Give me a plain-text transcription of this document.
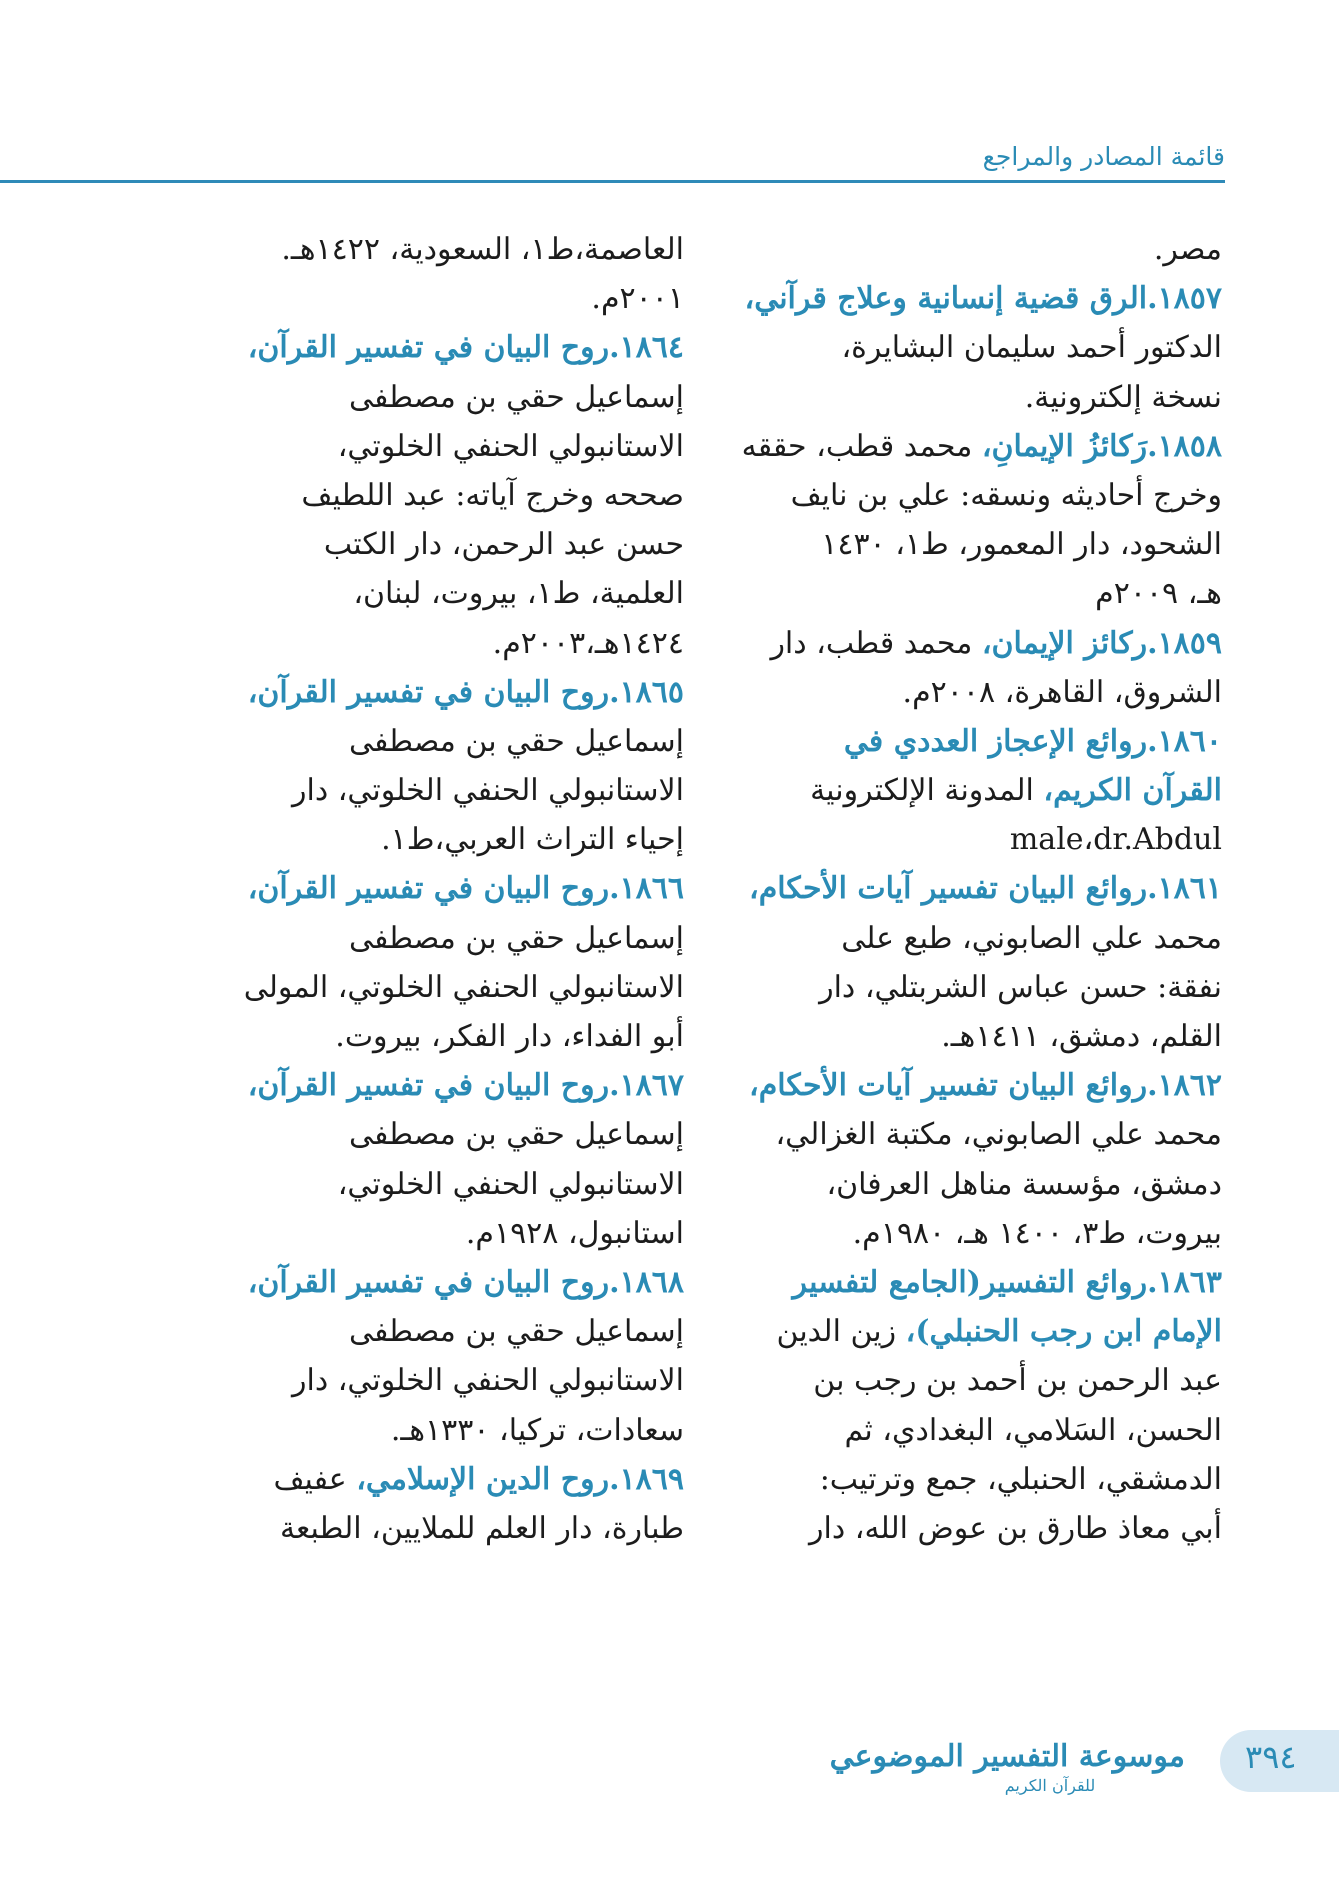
قائمة المصادر والمراجع
مصر.
١٨٥٧.الرق قضية إنسانية وعلاج قرآني،
الدكتور أحمد سليمان البشايرة،
نسخة إلكترونية.
١٨٥٨.رَكائزُ الإيمانِ، محمد قطب، حققه
وخرج أحاديثه ونسقه: علي بن نايف
الشحود، دار المعمور، ط١، ١٤٣٠
هـ، ٢٠٠٩م
١٨٥٩.ركائز الإيمان، محمد قطب، دار
الشروق، القاهرة، ٢٠٠٨م.
١٨٦٠.روائع الإعجاز العددي في
القرآن الكريم، المدونة الإلكترونية
male،dr.Abdul
١٨٦١.روائع البيان تفسير آيات الأحكام،
محمد علي الصابوني، طبع على
نفقة: حسن عباس الشربتلي، دار
القلم، دمشق، ١٤١١هـ.
١٨٦٢.روائع البيان تفسير آيات الأحكام،
محمد علي الصابوني، مكتبة الغزالي،
دمشق، مؤسسة مناهل العرفان،
بيروت، ط٣، ١٤٠٠ هـ، ١٩٨٠م.
١٨٦٣.روائع التفسير(الجامع لتفسير
الإمام ابن رجب الحنبلي)، زين الدين
عبد الرحمن بن أحمد بن رجب بن
الحسن، السَلامي، البغدادي، ثم
الدمشقي، الحنبلي، جمع وترتيب:
أبي معاذ طارق بن عوض الله، دار
العاصمة،ط١، السعودية، ١٤٢٢هـ.
٢٠٠١م.
١٨٦٤.روح البيان في تفسير القرآن،
إسماعيل حقي بن مصطفى
الاستانبولي الحنفي الخلوتي،
صححه وخرج آياته: عبد اللطيف
حسن عبد الرحمن، دار الكتب
العلمية، ط١، بيروت، لبنان،
١٤٢٤هـ،٢٠٠٣م.
١٨٦٥.روح البيان في تفسير القرآن،
إسماعيل حقي بن مصطفى
الاستانبولي الحنفي الخلوتي، دار
إحياء التراث العربي،ط١.
١٨٦٦.روح البيان في تفسير القرآن،
إسماعيل حقي بن مصطفى
الاستانبولي الحنفي الخلوتي، المولى
أبو الفداء، دار الفكر، بيروت.
١٨٦٧.روح البيان في تفسير القرآن،
إسماعيل حقي بن مصطفى
الاستانبولي الحنفي الخلوتي،
استانبول، ١٩٢٨م.
١٨٦٨.روح البيان في تفسير القرآن،
إسماعيل حقي بن مصطفى
الاستانبولي الحنفي الخلوتي، دار
سعادات، تركيا، ١٣٣٠هـ.
١٨٦٩.روح الدين الإسلامي، عفيف
طبارة، دار العلم للملايين، الطبعة
٣٩٤
موسوعة التفسير الموضوعي
للقرآن الكريم
